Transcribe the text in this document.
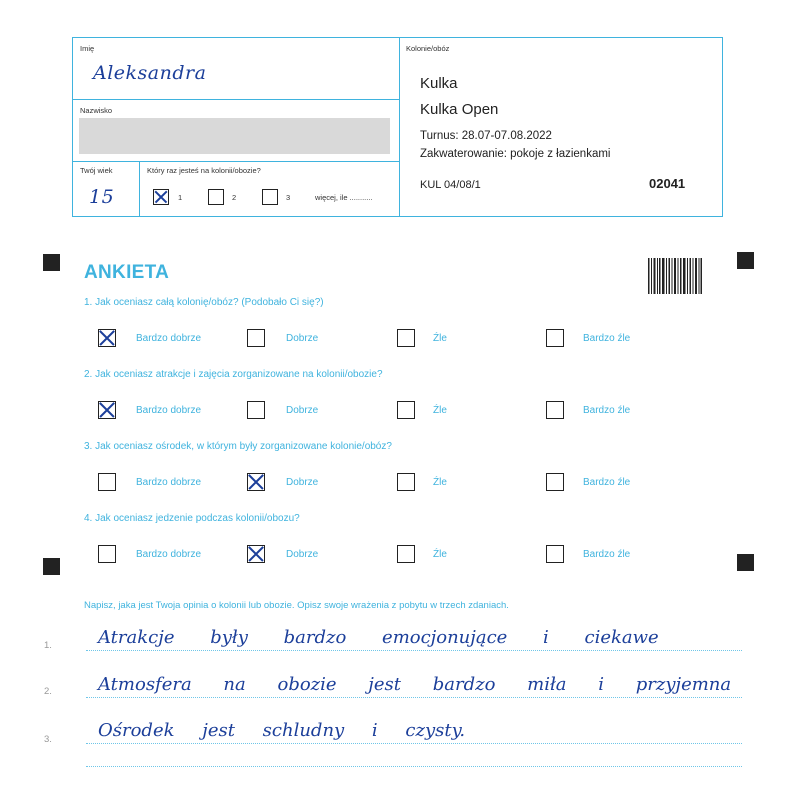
Imię
Aleksandra
Nazwisko
Twój wiek
15
Który raz jesteś na kolonii/obozie?
1	2	3	więcej, ile ...........
Kolonie/obóz
Kulka
Kulka Open
Turnus: 28.07-07.08.2022
Zakwaterowanie: pokoje z łazienkami
KUL 04/08/1	02041
ANKIETA
1. Jak oceniasz całą kolonię/obóz? (Podobało Ci się?)
Bardzo dobrze	Dobrze	Źle	Bardzo źle
2. Jak oceniasz atrakcje i zajęcia zorganizowane na kolonii/obozie?
Bardzo dobrze	Dobrze	Źle	Bardzo źle
3. Jak oceniasz ośrodek, w którym były zorganizowane kolonie/obóz?
Bardzo dobrze	Dobrze	Źle	Bardzo źle
4. Jak oceniasz jedzenie podczas kolonii/obozu?
Bardzo dobrze	Dobrze	Źle	Bardzo źle
Napisz, jaka jest Twoja opinia o kolonii lub obozie. Opisz swoje wrażenia z pobytu w trzech zdaniach.
1.	Atrakcje były bardzo emocjonujące i ciekawe
2.	Atmosfera na obozie jest bardzo miła i przyjemna
3.	Ośrodek jest schludny i czysty.
